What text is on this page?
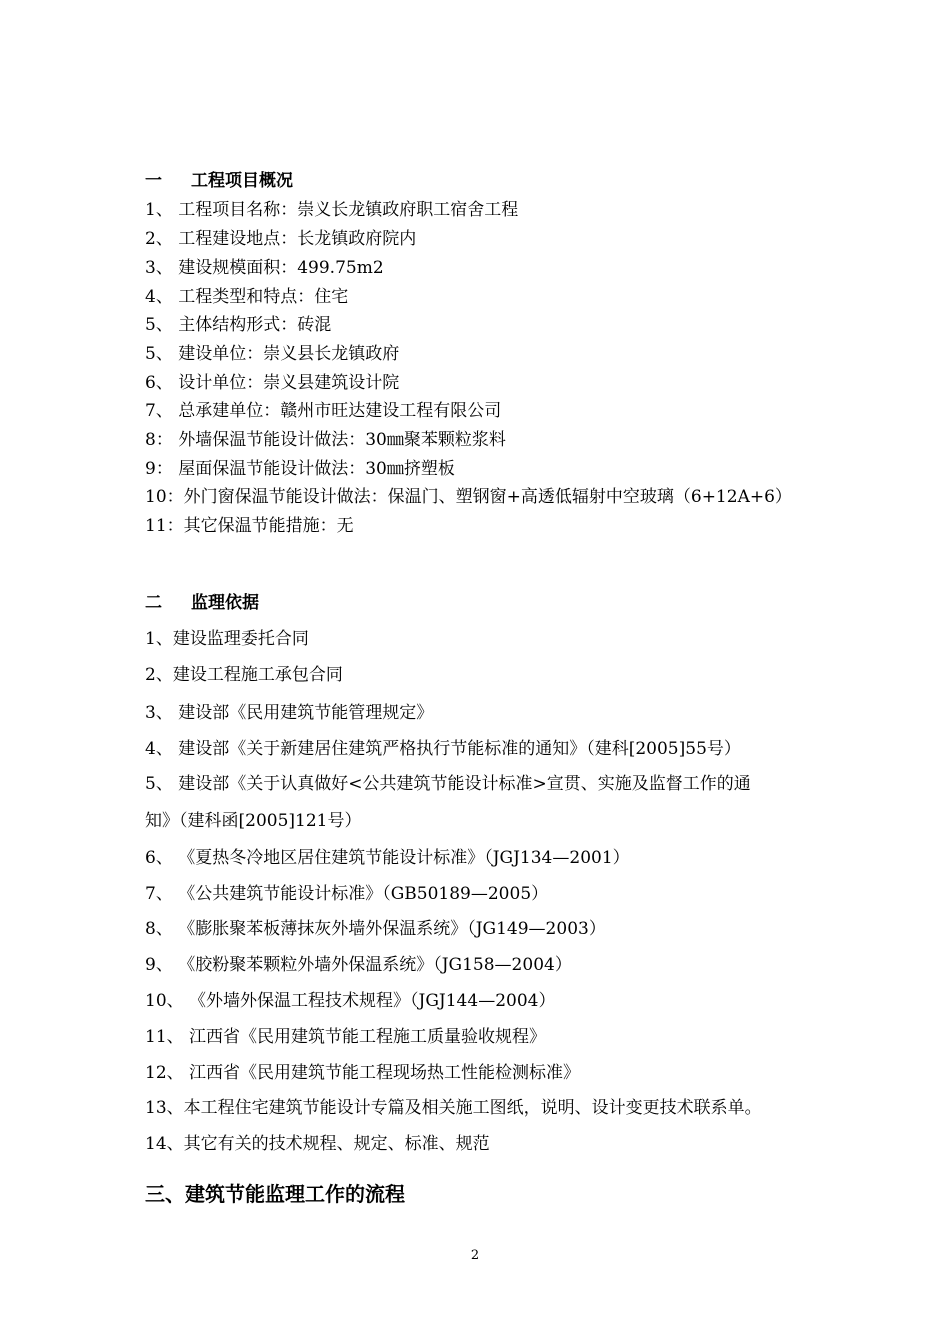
一 工程项目概况
1、 工程项目名称：崇义长龙镇政府职工宿舍工程
2、 工程建设地点：长龙镇政府院内
3、 建设规模面积：499.75m2
4、 工程类型和特点：住宅
5、 主体结构形式：砖混
5、 建设单位：崇义县长龙镇政府
6、 设计单位：崇义县建筑设计院
7、 总承建单位：赣州市旺达建设工程有限公司
8： 外墙保温节能设计做法：30㎜聚苯颗粒浆料
9： 屋面保温节能设计做法：30㎜挤塑板
10：外门窗保温节能设计做法：保温门、塑钢窗+高透低辐射中空玻璃（6+12A+6）
11：其它保温节能措施：无
二 监理依据
1、建设监理委托合同
2、建设工程施工承包合同
3、 建设部《民用建筑节能管理规定》
4、 建设部《关于新建居住建筑严格执行节能标准的通知》（建科[2005]55号）
5、 建设部《关于认真做好<公共建筑节能设计标准>宣贯、实施及监督工作的通
知》（建科函[2005]121号）
6、 《夏热冬冷地区居住建筑节能设计标准》（JGJ134—2001）
7、 《公共建筑节能设计标准》（GB50189—2005）
8、 《膨胀聚苯板薄抹灰外墙外保温系统》（JG149—2003）
9、 《胶粉聚苯颗粒外墙外保温系统》（JG158—2004）
10、 《外墙外保温工程技术规程》（JGJ144—2004）
11、 江西省《民用建筑节能工程施工质量验收规程》
12、 江西省《民用建筑节能工程现场热工性能检测标准》
13、本工程住宅建筑节能设计专篇及相关施工图纸，说明、设计变更技术联系单。
14、其它有关的技术规程、规定、标准、规范
三、建筑节能监理工作的流程
2
